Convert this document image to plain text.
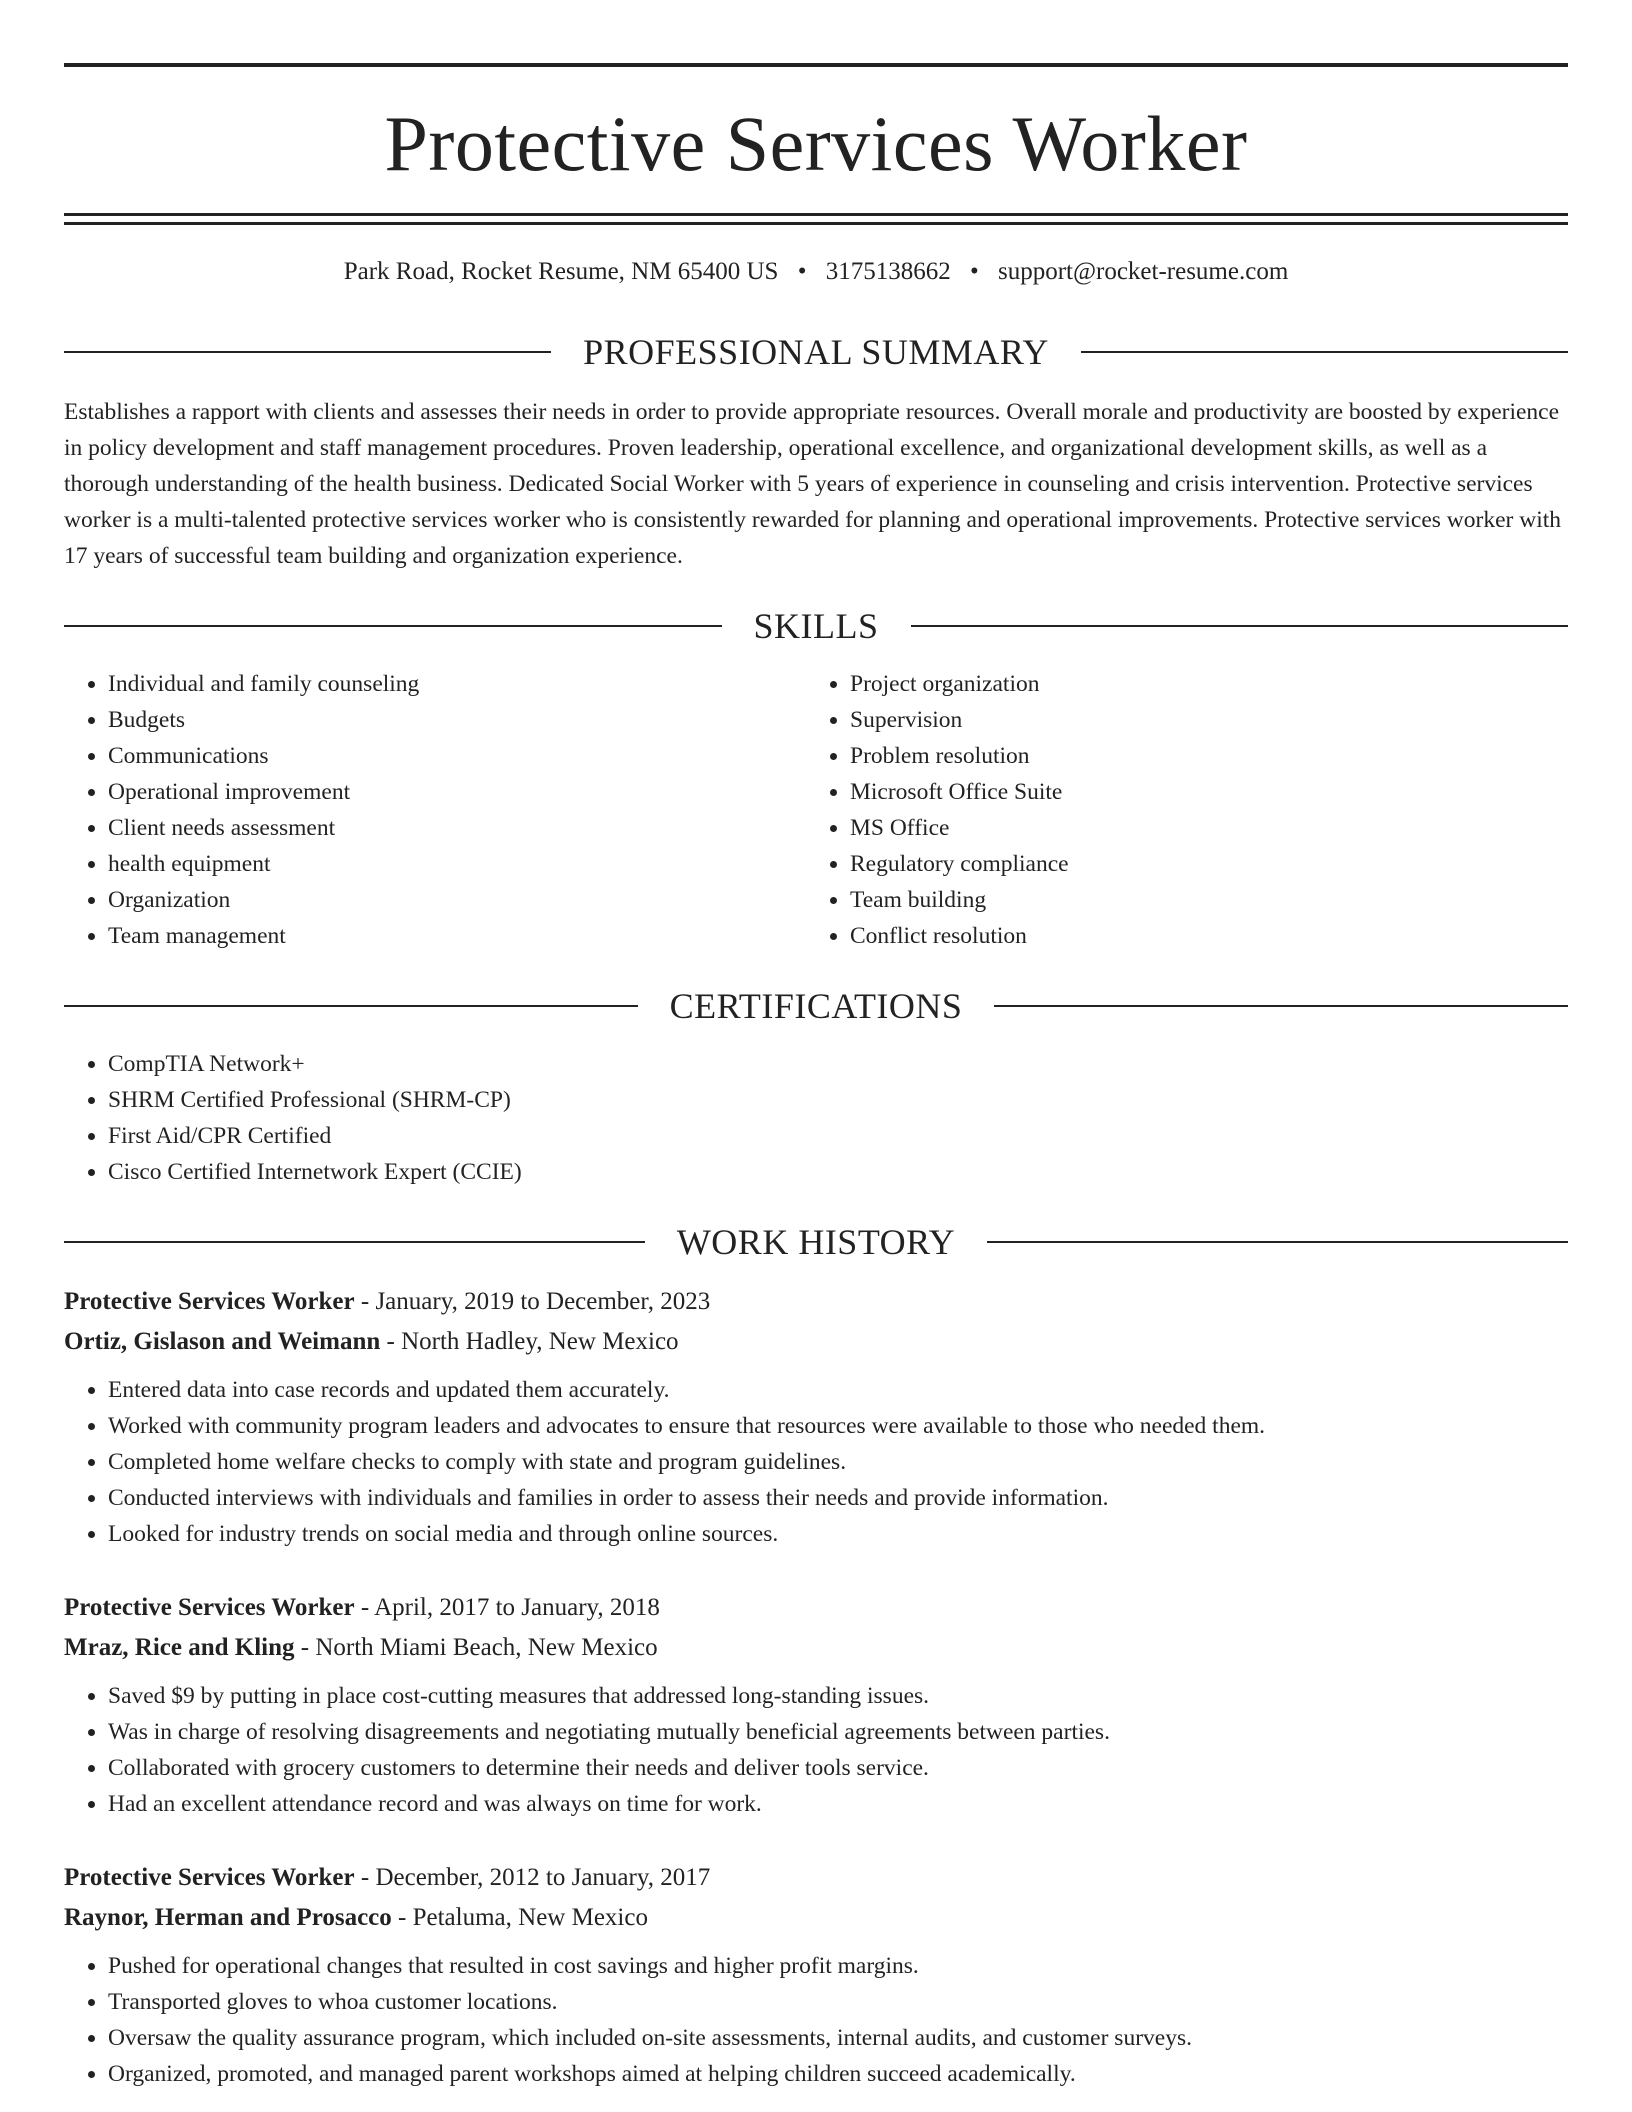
Protective Services Worker
Park Road, Rocket Resume, NM 65400 US • 3175138662 • support@rocket-resume.com
PROFESSIONAL SUMMARY
Establishes a rapport with clients and assesses their needs in order to provide appropriate resources. Overall morale and productivity are boosted by experience in policy development and staff management procedures. Proven leadership, operational excellence, and organizational development skills, as well as a thorough understanding of the health business. Dedicated Social Worker with 5 years of experience in counseling and crisis intervention. Protective services worker is a multi-talented protective services worker who is consistently rewarded for planning and operational improvements. Protective services worker with 17 years of successful team building and organization experience.
SKILLS
• Individual and family counseling
• Budgets
• Communications
• Operational improvement
• Client needs assessment
• health equipment
• Organization
• Team management
• Project organization
• Supervision
• Problem resolution
• Microsoft Office Suite
• MS Office
• Regulatory compliance
• Team building
• Conflict resolution
CERTIFICATIONS
• CompTIA Network+
• SHRM Certified Professional (SHRM-CP)
• First Aid/CPR Certified
• Cisco Certified Internetwork Expert (CCIE)
WORK HISTORY
Protective Services Worker - January, 2019 to December, 2023
Ortiz, Gislason and Weimann - North Hadley, New Mexico
• Entered data into case records and updated them accurately.
• Worked with community program leaders and advocates to ensure that resources were available to those who needed them.
• Completed home welfare checks to comply with state and program guidelines.
• Conducted interviews with individuals and families in order to assess their needs and provide information.
• Looked for industry trends on social media and through online sources.
Protective Services Worker - April, 2017 to January, 2018
Mraz, Rice and Kling - North Miami Beach, New Mexico
• Saved $9 by putting in place cost-cutting measures that addressed long-standing issues.
• Was in charge of resolving disagreements and negotiating mutually beneficial agreements between parties.
• Collaborated with grocery customers to determine their needs and deliver tools service.
• Had an excellent attendance record and was always on time for work.
Protective Services Worker - December, 2012 to January, 2017
Raynor, Herman and Prosacco - Petaluma, New Mexico
• Pushed for operational changes that resulted in cost savings and higher profit margins.
• Transported gloves to whoa customer locations.
• Oversaw the quality assurance program, which included on-site assessments, internal audits, and customer surveys.
• Organized, promoted, and managed parent workshops aimed at helping children succeed academically.
